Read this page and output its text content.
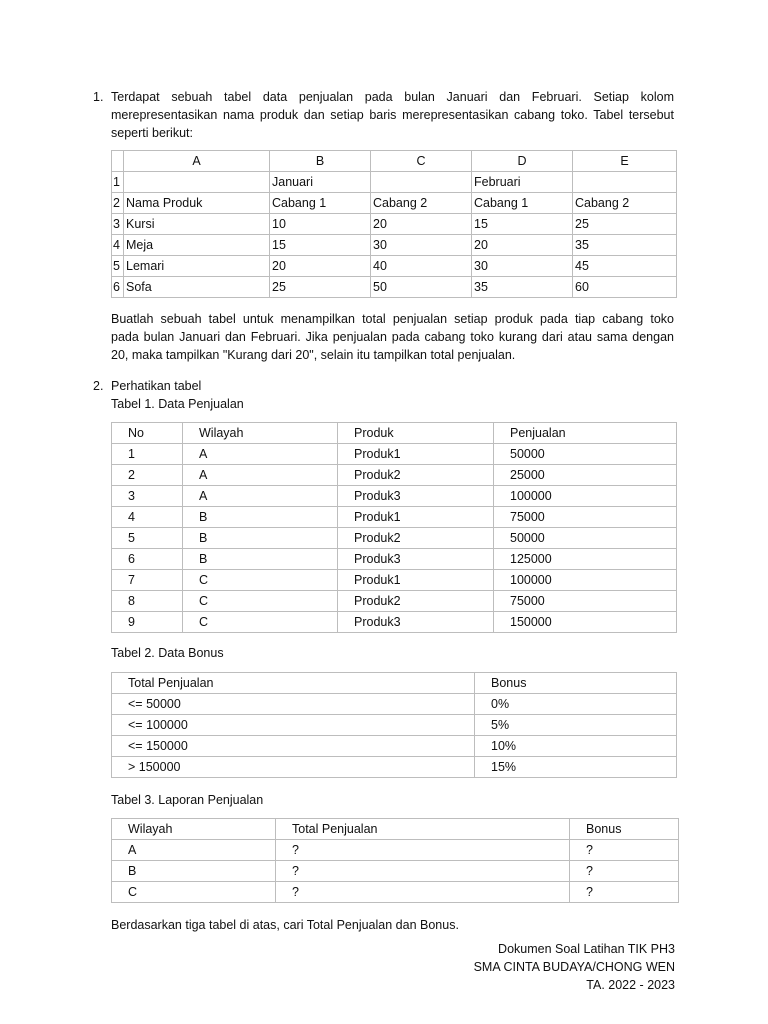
1. Terdapat sebuah tabel data penjualan pada bulan Januari dan Februari. Setiap kolom
merepresentasikan nama produk dan setiap baris merepresentasikan cabang toko. Tabel tersebut
seperti berikut:
	A	B	C	D	E
1		Januari		Februari	
2	Nama Produk	Cabang 1	Cabang 2	Cabang 1	Cabang 2
3	Kursi	10	20	15	25
4	Meja	15	30	20	35
5	Lemari	20	40	30	45
6	Sofa	25	50	35	60
Buatlah sebuah tabel untuk menampilkan total penjualan setiap produk pada tiap cabang toko
pada bulan Januari dan Februari. Jika penjualan pada cabang toko kurang dari atau sama dengan
20, maka tampilkan "Kurang dari 20", selain itu tampilkan total penjualan.
2. Perhatikan tabel
Tabel 1. Data Penjualan
No	Wilayah	Produk	Penjualan
1	A	Produk1	50000
2	A	Produk2	25000
3	A	Produk3	100000
4	B	Produk1	75000
5	B	Produk2	50000
6	B	Produk3	125000
7	C	Produk1	100000
8	C	Produk2	75000
9	C	Produk3	150000
Tabel 2. Data Bonus
Total Penjualan	Bonus
<= 50000	0%
<= 100000	5%
<= 150000	10%
> 150000	15%
Tabel 3. Laporan Penjualan
Wilayah	Total Penjualan	Bonus
A	?	?
B	?	?
C	?	?
Berdasarkan tiga tabel di atas, cari Total Penjualan dan Bonus.
Dokumen Soal Latihan TIK PH3
SMA CINTA BUDAYA/CHONG WEN
TA. 2022 - 2023
